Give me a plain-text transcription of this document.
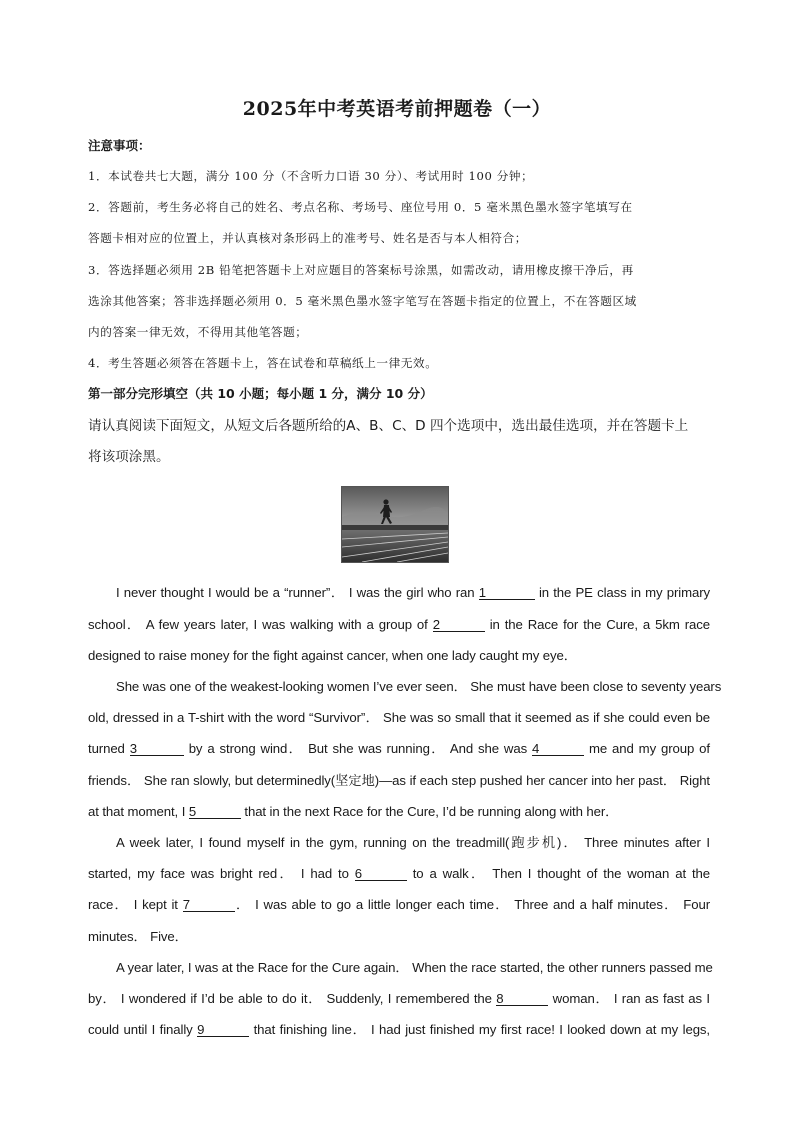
2025年中考英语考前押题卷（一）
注意事项：
1．本试卷共七大题，满分 100 分（不含听力口语 30 分）、考试用时 100 分钟；
2．答题前，考生务必将自己的姓名、考点名称、考场号、座位号用 0．5 毫米黑色墨水签字笔填写在
答题卡相对应的位置上，并认真核对条形码上的准考号、姓名是否与本人相符合；
3．答选择题必须用 2B 铅笔把答题卡上对应题目的答案标号涂黑，如需改动，请用橡皮擦干净后，再
选涂其他答案；答非选择题必须用 0．5 毫米黑色墨水签字笔写在答题卡指定的位置上，不在答题区域
内的答案一律无效，不得用其他笔答题；
4．考生答题必须答在答题卡上，答在试卷和草稿纸上一律无效。
第一部分完形填空（共 10 小题；每小题 1 分，满分 10 分）
请认真阅读下面短文，从短文后各题所给的A、B、C、D 四个选项中，选出最佳选项，并在答题卡上
将该项涂黑。
I never thought I would be a “runner”． I was the girl who ran 1	in the PE class in my primary
school． A few years later, I was walking with a group of 2	in the Race for the Cure, a 5km race
designed to raise money for the fight against cancer, when one lady caught my eye．
She was one of the weakest-looking women I’ve ever seen． She must have been close to seventy years
old, dressed in a T-shirt with the word “Survivor”． She was so small that it seemed as if she could even be
turned 3	by a strong wind． But she was running． And she was 4	me and my group of
friends． She ran slowly, but determinedly(坚定地)—as if each step pushed her cancer into her past． Right
at that moment, I 5	that in the next Race for the Cure, I’d be running along with her．
A week later, I found myself in the gym, running on the treadmill(跑步机)． Three minutes after I
started, my face was bright red． I had to 6	to a walk． Then I thought of the woman at the
race． I kept it 7	． I was able to go a little longer each time． Three and a half minutes． Four
minutes． Five．
A year later, I was at the Race for the Cure again． When the race started, the other runners passed me
by． I wondered if I’d be able to do it． Suddenly, I remembered the 8	woman． I ran as fast as I
could until I finally 9	that finishing line． I had just finished my first race! I looked down at my legs,
